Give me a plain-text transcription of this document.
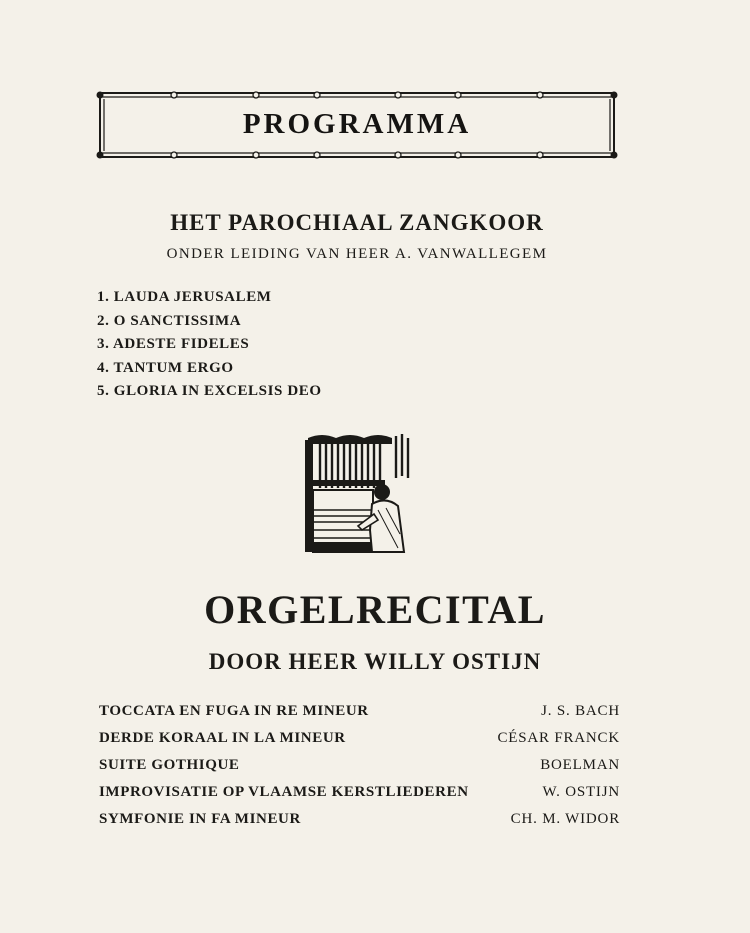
PROGRAMMA
HET PAROCHIAAL ZANGKOOR
ONDER LEIDING VAN HEER A. VANWALLEGEM
1. LAUDA JERUSALEM
2. O SANCTISSIMA
3. ADESTE FIDELES
4. TANTUM ERGO
5. GLORIA IN EXCELSIS DEO
ORGELRECITAL
DOOR HEER WILLY OSTIJN
TOCCATA EN FUGA IN RE MINEUR	J. S. BACH
DERDE KORAAL IN LA MINEUR	CÉSAR FRANCK
SUITE GOTHIQUE	BOELMAN
IMPROVISATIE OP VLAAMSE KERSTLIEDEREN	W. OSTIJN
SYMFONIE IN FA MINEUR	CH. M. WIDOR
